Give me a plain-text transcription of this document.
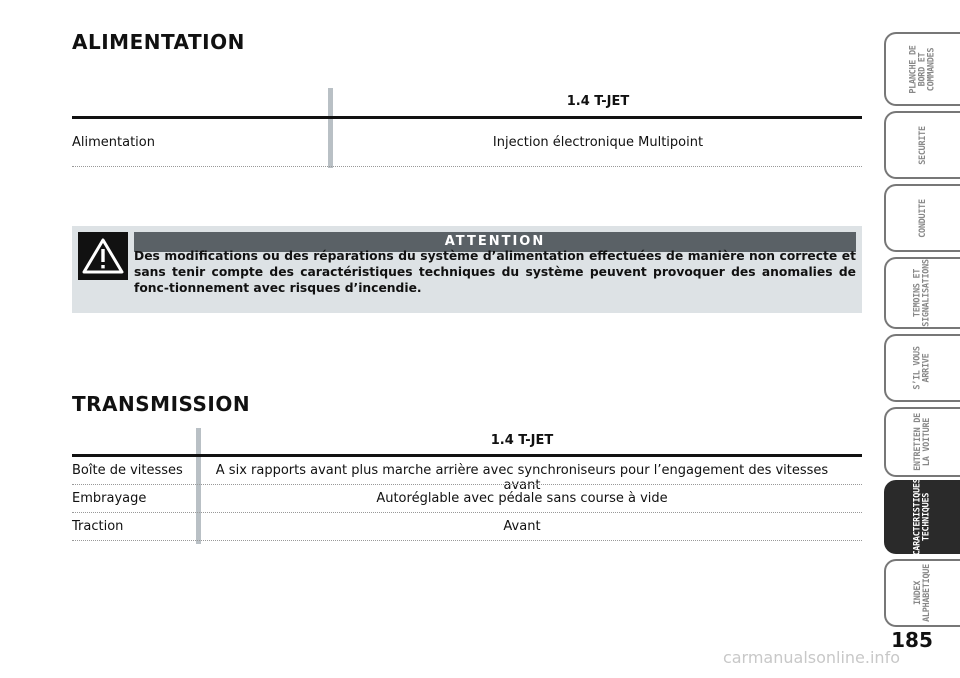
ALIMENTATION
1.4 T-JET
Alimentation	Injection électronique Multipoint
ATTENTION
Des modifications ou des réparations du système d’alimentation effectuées de manière non correcte et sans tenir compte des caractéristiques techniques du système peuvent provoquer des anomalies de fonc-tionnement avec risques d’incendie.
TRANSMISSION
1.4 T-JET
Boîte de vitesses	A six rapports avant plus marche arrière avec synchroniseurs pour l’engagement des vitesses avant
Embrayage	Autoréglable avec pédale sans course à vide
Traction	Avant
PLANCHE DE
BORD ET
COMMANDES
SECURITE
CONDUITE
TEMOINS ET
SIGNALISATIONS
S’IL VOUS
ARRIVE
ENTRETIEN DE
LA VOITURE
CARACTERISTIQUES
TECHNIQUES
INDEX
ALPHABETIQUE
185
carmanualsonline.info
